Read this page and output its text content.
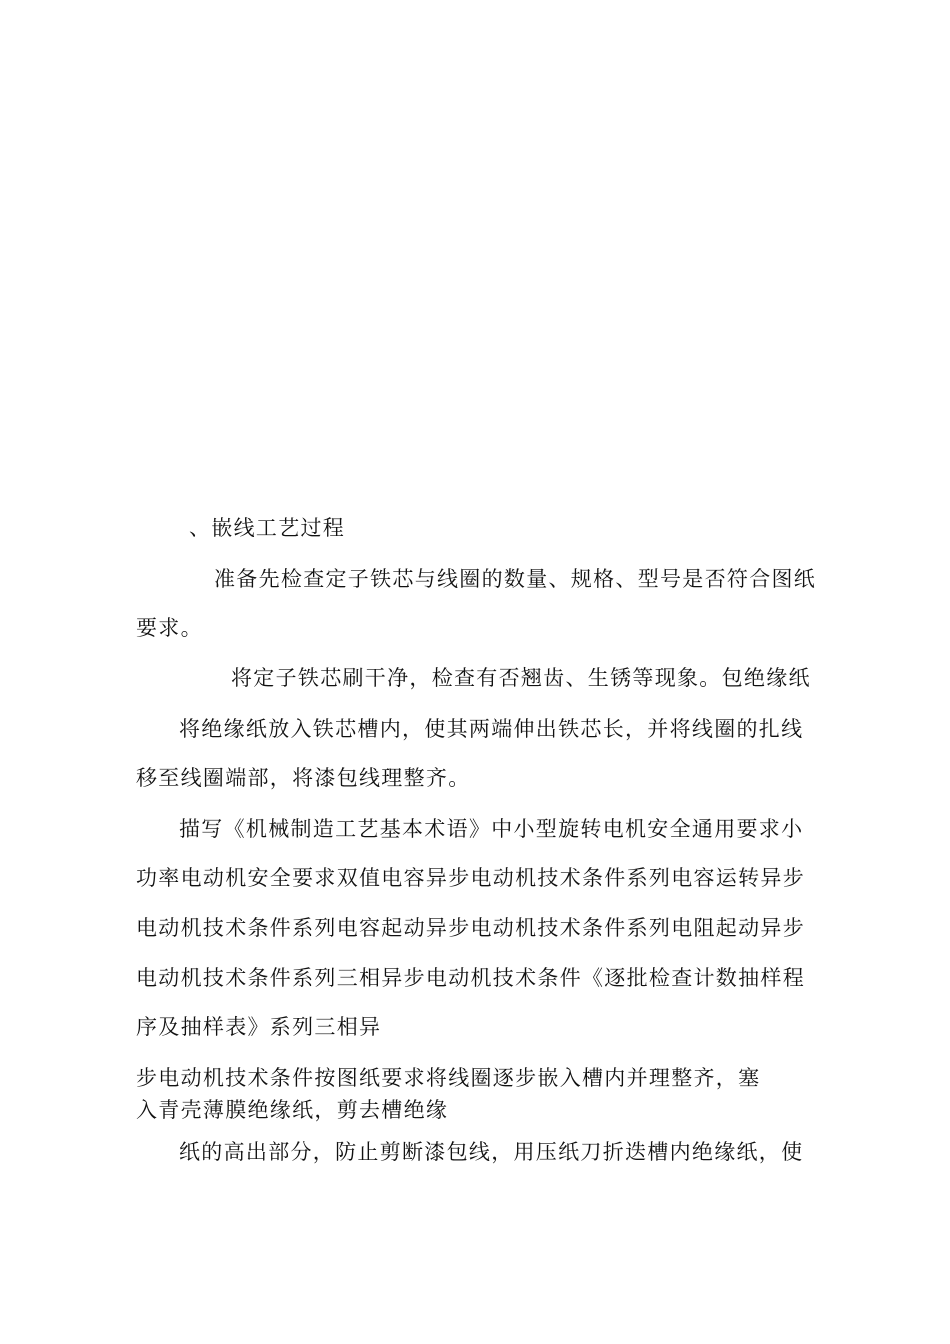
、嵌线工艺过程
准备先检查定子铁芯与线圈的数量、规格、型号是否符合图纸
要求。
将定子铁芯刷干净，检查有否翘齿、生锈等现象。包绝缘纸
将绝缘纸放入铁芯槽内，使其两端伸出铁芯长，并将线圈的扎线
移至线圈端部，将漆包线理整齐。
描写《机械制造工艺基本术语》中小型旋转电机安全通用要求小
功率电动机安全要求双值电容异步电动机技术条件系列电容运转异步
电动机技术条件系列电容起动异步电动机技术条件系列电阻起动异步
电动机技术条件系列三相异步电动机技术条件《逐批检查计数抽样程
序及抽样表》系列三相异
步电动机技术条件按图纸要求将线圈逐步嵌入槽内并理整齐，塞
入青壳薄膜绝缘纸，剪去槽绝缘
纸的高出部分，防止剪断漆包线，用压纸刀折迭槽内绝缘纸，使
